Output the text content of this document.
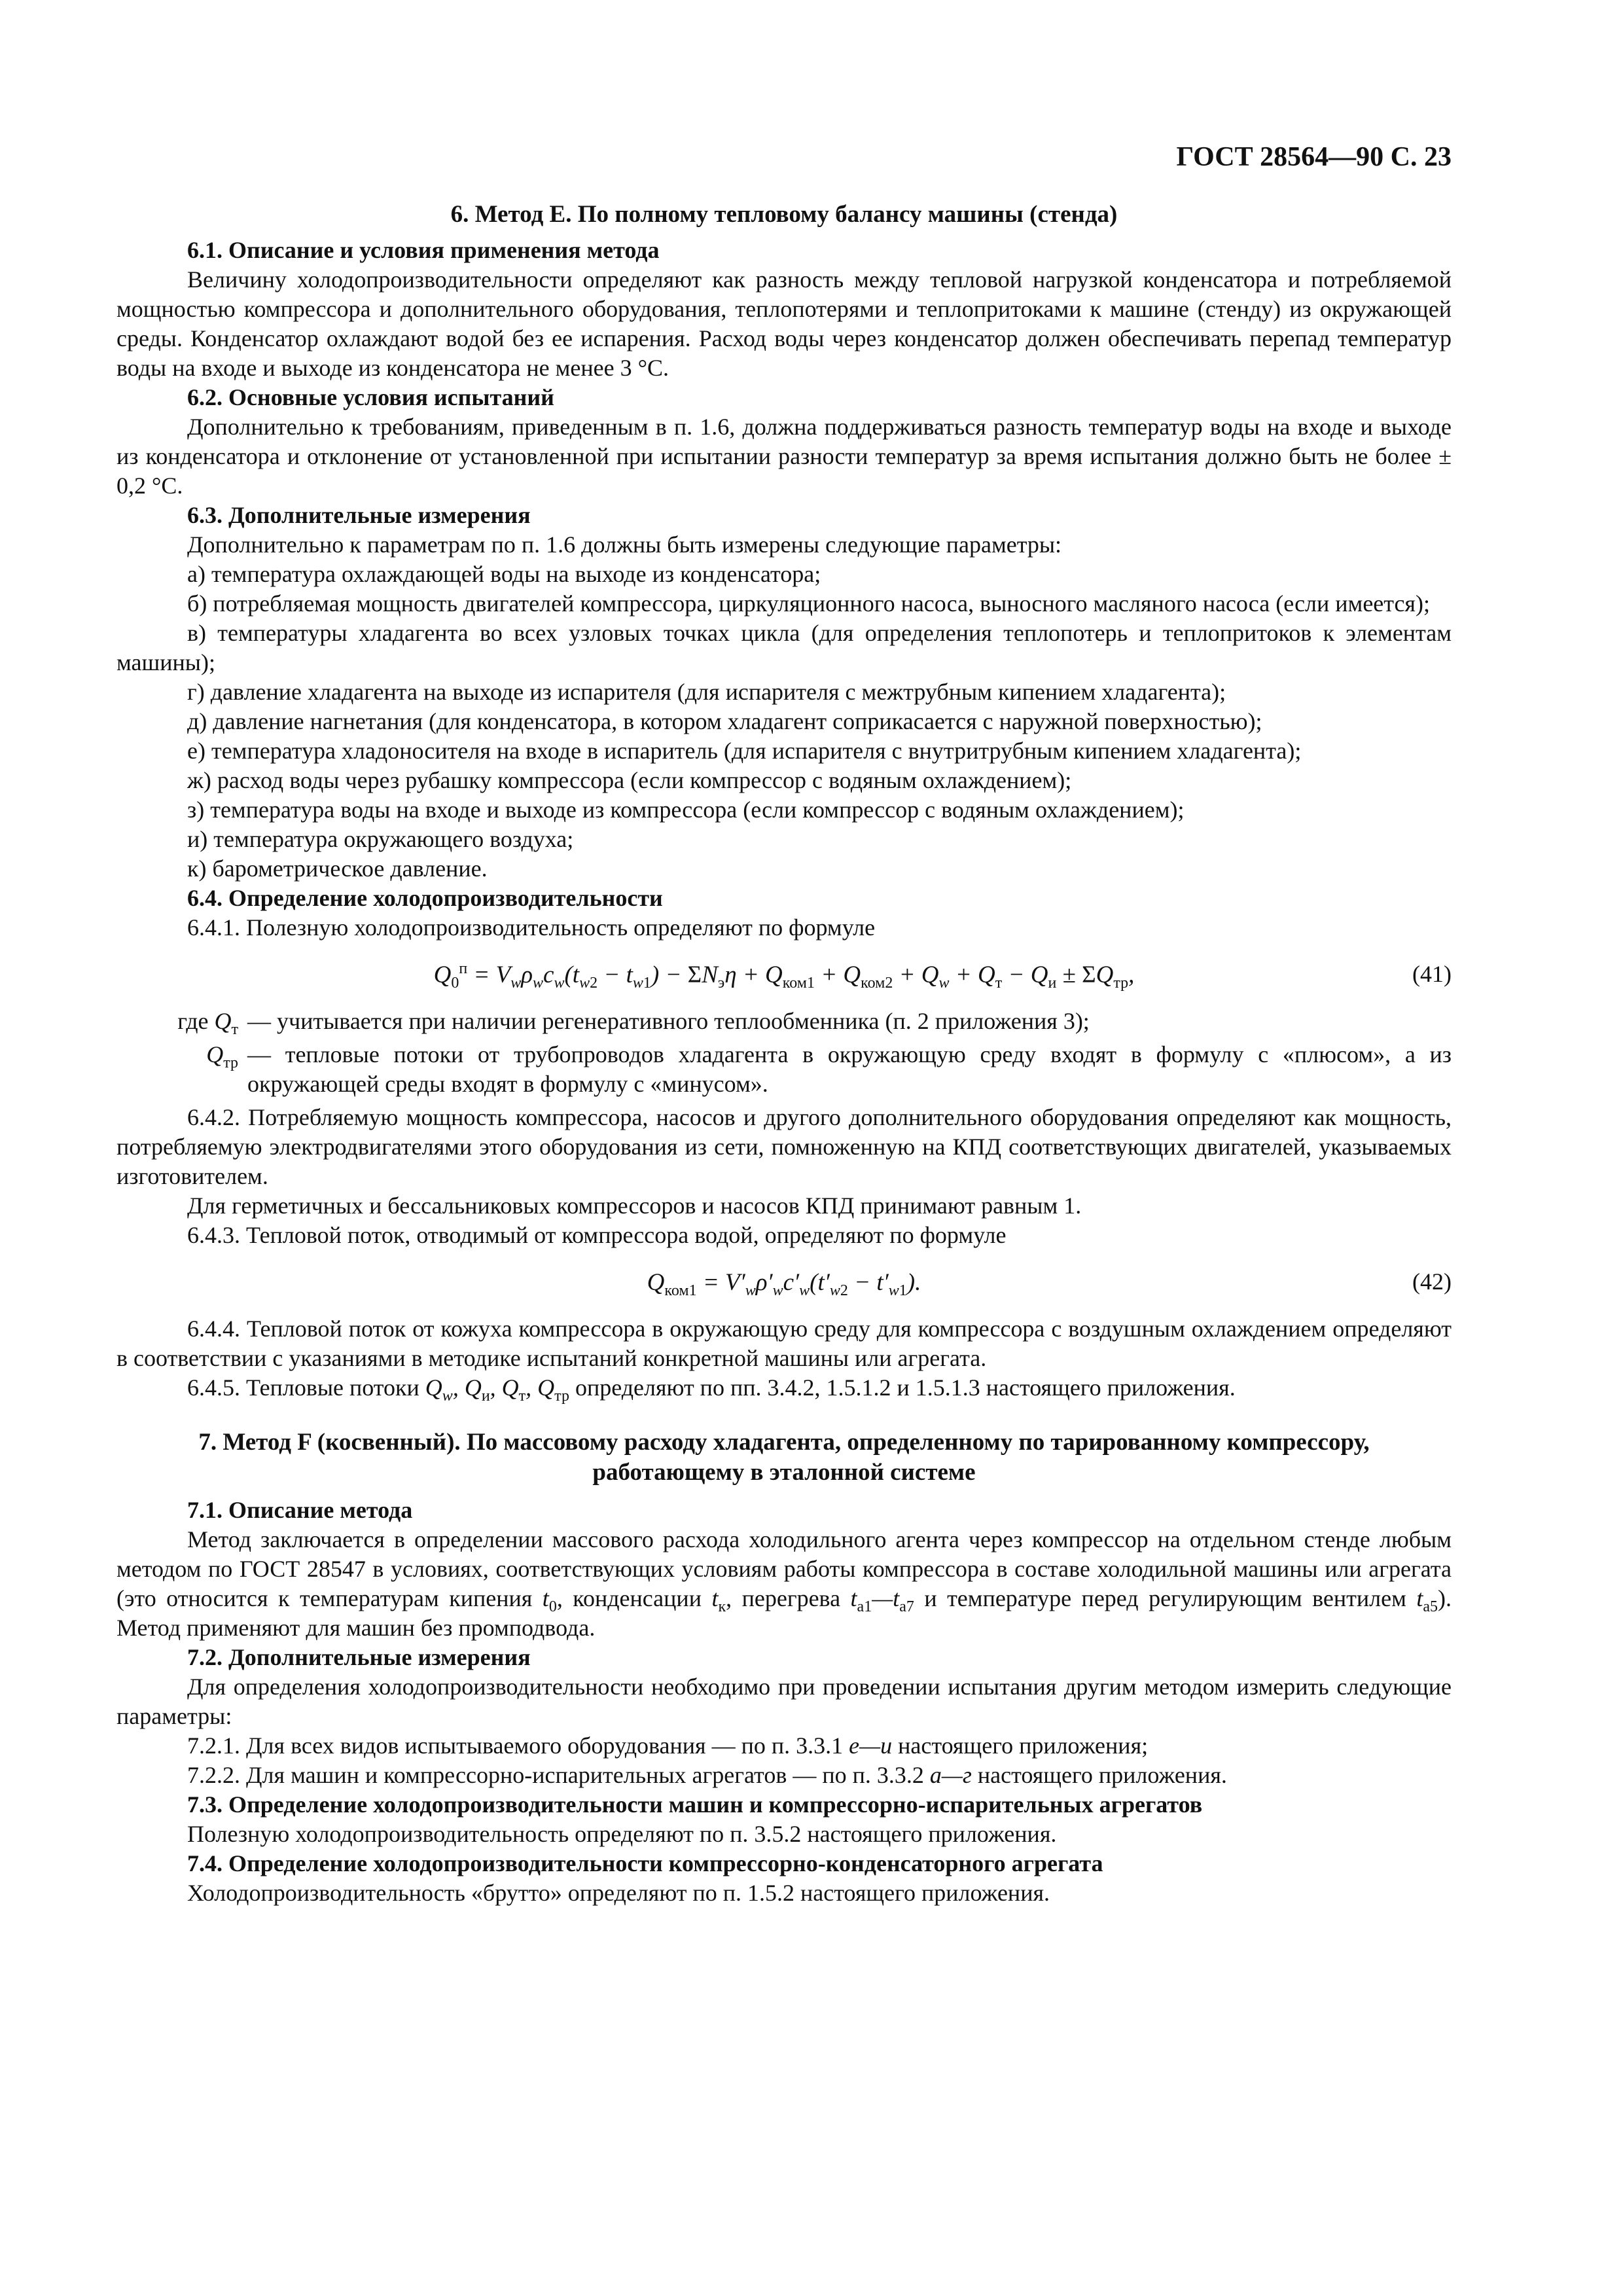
ГОСТ 28564—90 С. 23
6. Метод Е. По полному тепловому балансу машины (стенда)
6.1. Описание и условия применения метода

Величину холодопроизводительности определяют как разность между тепловой нагрузкой конденсатора и потребляемой мощностью компрессора и дополнительного оборудования, теплопотерями и теплопритоками к машине (стенду) из окружающей среды. Конденсатор охлаждают водой без ее испарения. Расход воды через конденсатор должен обеспечивать перепад температур воды на входе и выходе из конденсатора не менее 3 °С.

6.2. Основные условия испытаний

Дополнительно к требованиям, приведенным в п. 1.6, должна поддерживаться разность температур воды на входе и выходе из конденсатора и отклонение от установленной при испытании разности температур за время испытания должно быть не более ± 0,2 °С.

6.3. Дополнительные измерения

Дополнительно к параметрам по п. 1.6 должны быть измерены следующие параметры:

а) температура охлаждающей воды на выходе из конденсатора;

б) потребляемая мощность двигателей компрессора, циркуляционного насоса, выносного масляного насоса (если имеется);

в) температуры хладагента во всех узловых точках цикла (для определения теплопотерь и теплопритоков к элементам машины);

г) давление хладагента на выходе из испарителя (для испарителя с межтрубным кипением хладагента);

д) давление нагнетания (для конденсатора, в котором хладагент соприкасается с наружной поверхностью);

е) температура хладоносителя на входе в испаритель (для испарителя с внутритрубным кипением хладагента);

ж) расход воды через рубашку компрессора (если компрессор с водяным охлаждением);

з) температура воды на входе и выходе из компрессора (если компрессор с водяным охлаждением);

и) температура окружающего воздуха;

к) барометрическое давление.

6.4. Определение холодопроизводительности

6.4.1. Полезную холодопроизводительность определяют по формуле

$Q_0^п = V_w\rho_wc_w(t_{w2} - t_{w1}) - \Sigma N_э\eta + Q_{ком1} + Q_{ком2} + Q_w + Q_т - Q_и \pm \Sigma Q_{тр}$,	(41)
где $Q_т$ — учитывается при наличии регенеративного теплообменника (п. 2 приложения 3);
$Q_{тр}$ — тепловые потоки от трубопроводов хладагента в окружающую среду входят в формулу с «плюсом», а из окружающей среды входят в формулу с «минусом».

6.4.2. Потребляемую мощность компрессора, насосов и другого дополнительного оборудования определяют как мощность, потребляемую электродвигателями этого оборудования из сети, помноженную на КПД соответствующих двигателей, указываемых изготовителем.

Для герметичных и бессальниковых компрессоров и насосов КПД принимают равным 1.

6.4.3. Тепловой поток, отводимый от компрессора водой, определяют по формуле

$Q_{ком1} = V'_w\rho'_wc'_w(t'_{w2} - t'_{w1})$.	(42)

6.4.4. Тепловой поток от кожуха компрессора в окружающую среду для компрессора с воздушным охлаждением определяют в соответствии с указаниями в методике испытаний конкретной машины или агрегата.

6.4.5. Тепловые потоки $Q_w$, $Q_и$, $Q_т$, $Q_{тр}$ определяют по пп. 3.4.2, 1.5.1.2 и 1.5.1.3 настоящего приложения.

7. Метод F (косвенный). По массовому расходу хладагента, определенному по тарированному компрессору, работающему в эталонной системе
7.1. Описание метода

Метод заключается в определении массового расхода холодильного агента через компрессор на отдельном стенде любым методом по ГОСТ 28547 в условиях, соответствующих условиям работы компрессора в составе холодильной машины или агрегата (это относится к температурам кипения $t_0$, конденсации $t_к$, перегрева $t_{а1}—t_{а7}$ и температуре перед регулирующим вентилем $t_{а5}$). Метод применяют для машин без промподвода.

7.2. Дополнительные измерения

Для определения холодопроизводительности необходимо при проведении испытания другим методом измерить следующие параметры:

7.2.1. Для всех видов испытываемого оборудования — по п. 3.3.1 е—и настоящего приложения;

7.2.2. Для машин и компрессорно-испарительных агрегатов — по п. 3.3.2 а—г настоящего приложения.

7.3. Определение холодопроизводительности машин и компрессорно-испарительных агрегатов

Полезную холодопроизводительность определяют по п. 3.5.2 настоящего приложения.

7.4. Определение холодопроизводительности компрессорно-конденсаторного агрегата

Холодопроизводительность «брутто» определяют по п. 1.5.2 настоящего приложения.
